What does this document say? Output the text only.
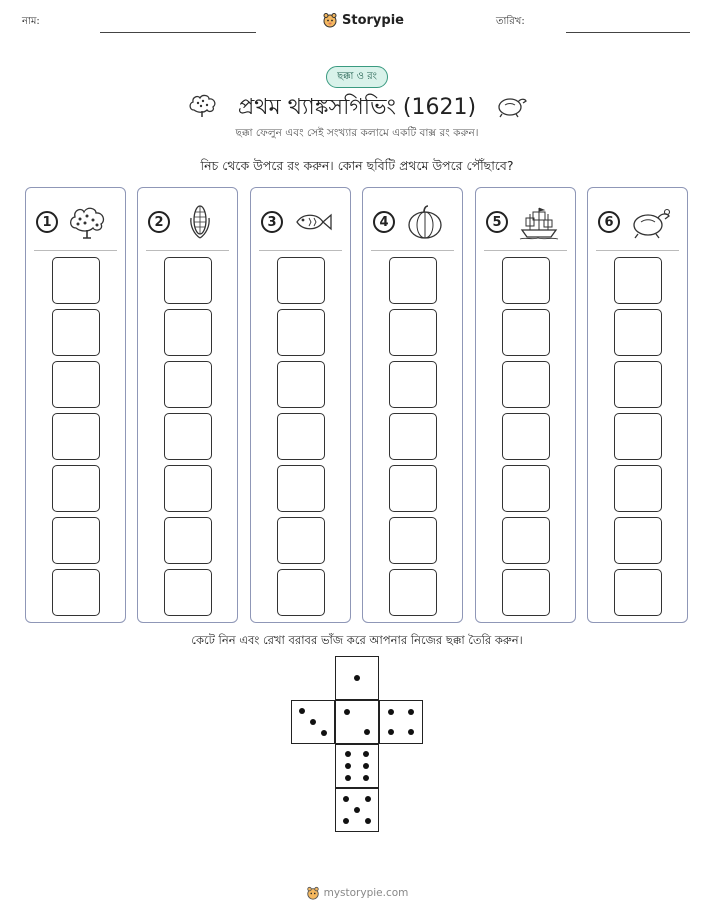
নাম:	Storypie	তারিখ:
ছক্কা ও রং
প্রথম থ্যাঙ্কসগিভিং (1621)
ছক্কা ফেলুন এবং সেই সংখ্যার কলামে একটি বাক্স রং করুন।
নিচ থেকে উপরে রং করুন। কোন ছবিটি প্রথমে উপরে পৌঁছাবে?
1	2	3	4	5	6
কেটে নিন এবং রেখা বরাবর ভাঁজ করে আপনার নিজের ছক্কা তৈরি করুন।
mystorypie.com
